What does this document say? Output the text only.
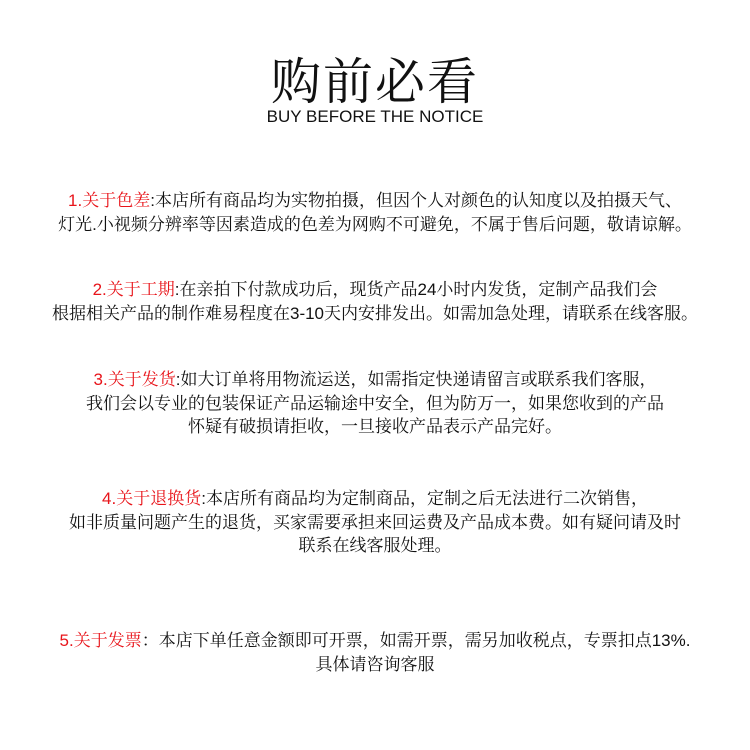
购前必看
BUY BEFORE THE NOTICE
1.关于色差:本店所有商品均为实物拍摄，但因个人对颜色的认知度以及拍摄天气、
灯光.小视频分辨率等因素造成的色差为网购不可避免，不属于售后问题，敬请谅解。
2.关于工期:在亲拍下付款成功后，现货产品24小时内发货，定制产品我们会
根据相关产品的制作难易程度在3-10天内安排发出。如需加急处理，请联系在线客服。
3.关于发货:如大订单将用物流运送，如需指定快递请留言或联系我们客服，
我们会以专业的包装保证产品运输途中安全，但为防万一，如果您收到的产品
怀疑有破损请拒收，一旦接收产品表示产品完好。
4.关于退换货:本店所有商品均为定制商品，定制之后无法进行二次销售，
如非质量问题产生的退货，买家需要承担来回运费及产品成本费。如有疑问请及时
联系在线客服处理。
5.关于发票：本店下单任意金额即可开票，如需开票，需另加收税点，专票扣点13%.
具体请咨询客服
